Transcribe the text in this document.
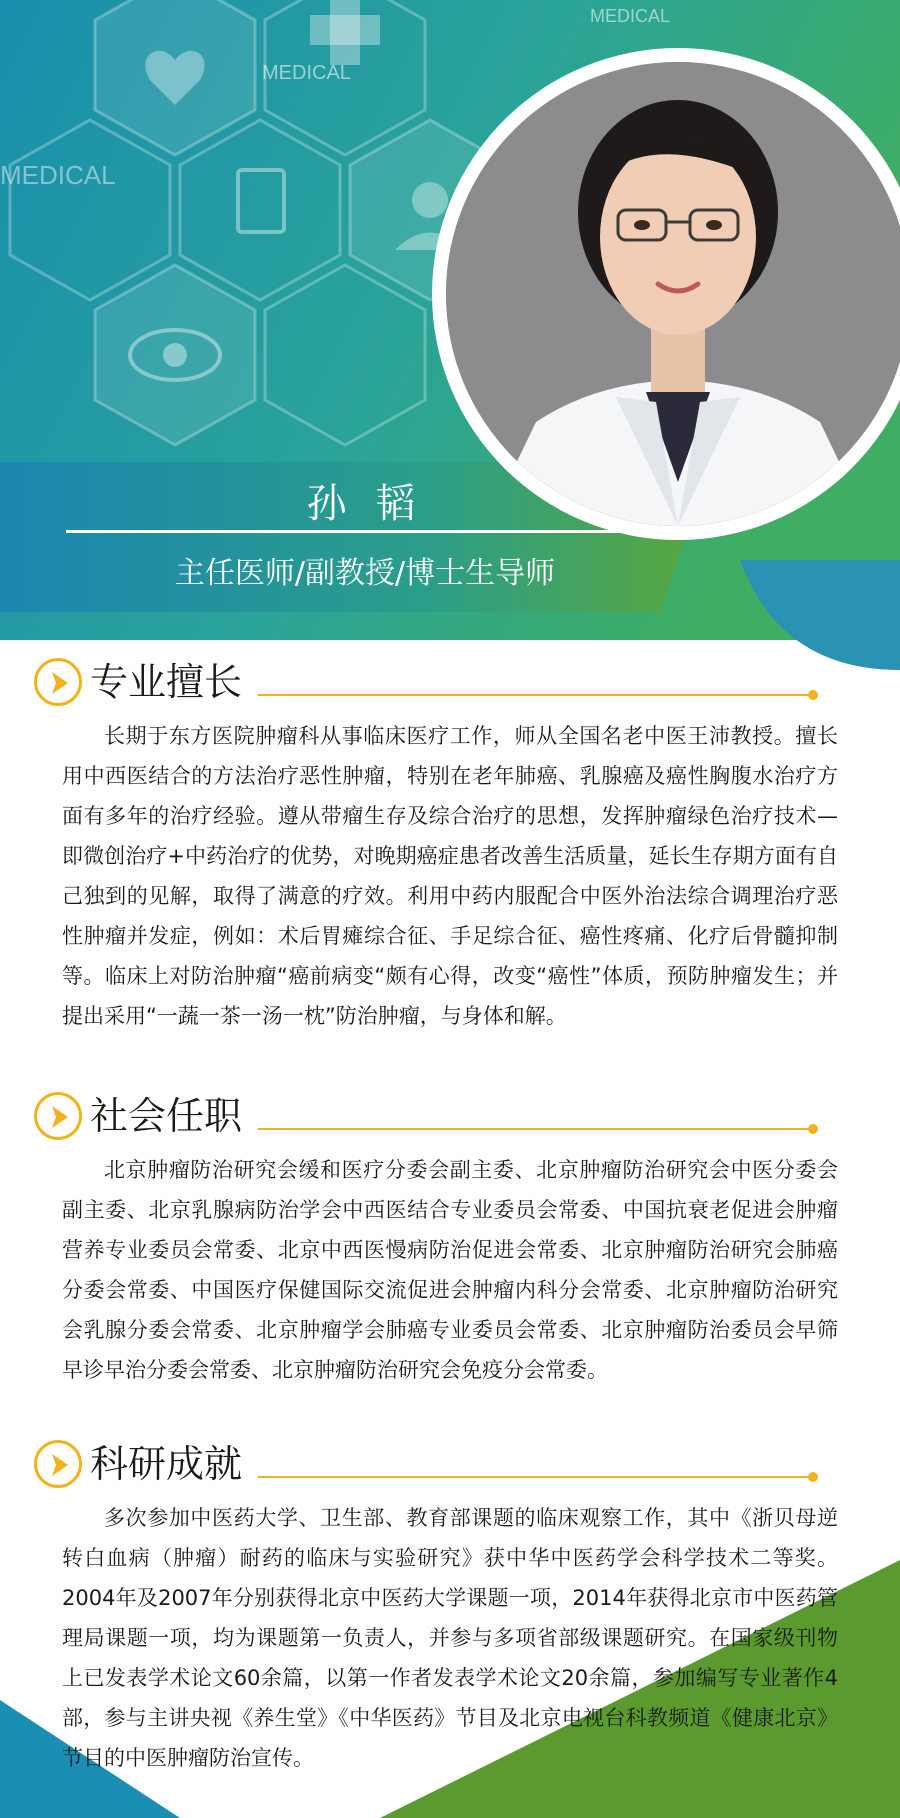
MEDICAL
MEDICAL
MEDICAL
孙 韬
主任医师/副教授/博士生导师
专业擅长

长期于东方医院肿瘤科从事临床医疗工作，师从全国名老中医王沛教授。擅长用中西医结合的方法治疗恶性肿瘤，特别在老年肺癌、乳腺癌及癌性胸腹水治疗方面有多年的治疗经验。遵从带瘤生存及综合治疗的思想，发挥肿瘤绿色治疗技术—即微创治疗+中药治疗的优势，对晚期癌症患者改善生活质量，延长生存期方面有自己独到的见解，取得了满意的疗效。利用中药内服配合中医外治法综合调理治疗恶性肿瘤并发症，例如：术后胃瘫综合征、手足综合征、癌性疼痛、化疗后骨髓抑制等。临床上对防治肿瘤“癌前病变“颇有心得，改变“癌性”体质，预防肿瘤发生；并提出采用“一蔬一茶一汤一枕”防治肿瘤，与身体和解。

社会任职

北京肿瘤防治研究会缓和医疗分委会副主委、北京肿瘤防治研究会中医分委会副主委、北京乳腺病防治学会中西医结合专业委员会常委、中国抗衰老促进会肿瘤营养专业委员会常委、北京中西医慢病防治促进会常委、北京肿瘤防治研究会肺癌分委会常委、中国医疗保健国际交流促进会肿瘤内科分会常委、北京肿瘤防治研究会乳腺分委会常委、北京肿瘤学会肺癌专业委员会常委、北京肿瘤防治委员会早筛早诊早治分委会常委、北京肿瘤防治研究会免疫分会常委。

科研成就

多次参加中医药大学、卫生部、教育部课题的临床观察工作，其中《浙贝母逆转白血病（肿瘤）耐药的临床与实验研究》获中华中医药学会科学技术二等奖。2004年及2007年分别获得北京中医药大学课题一项，2014年获得北京市中医药管理局课题一项，均为课题第一负责人，并参与多项省部级课题研究。在国家级刊物上已发表学术论文60余篇，以第一作者发表学术论文20余篇，参加编写专业著作4部，参与主讲央视《养生堂》《中华医药》节目及北京电视台科教频道《健康北京》节目的中医肿瘤防治宣传。
